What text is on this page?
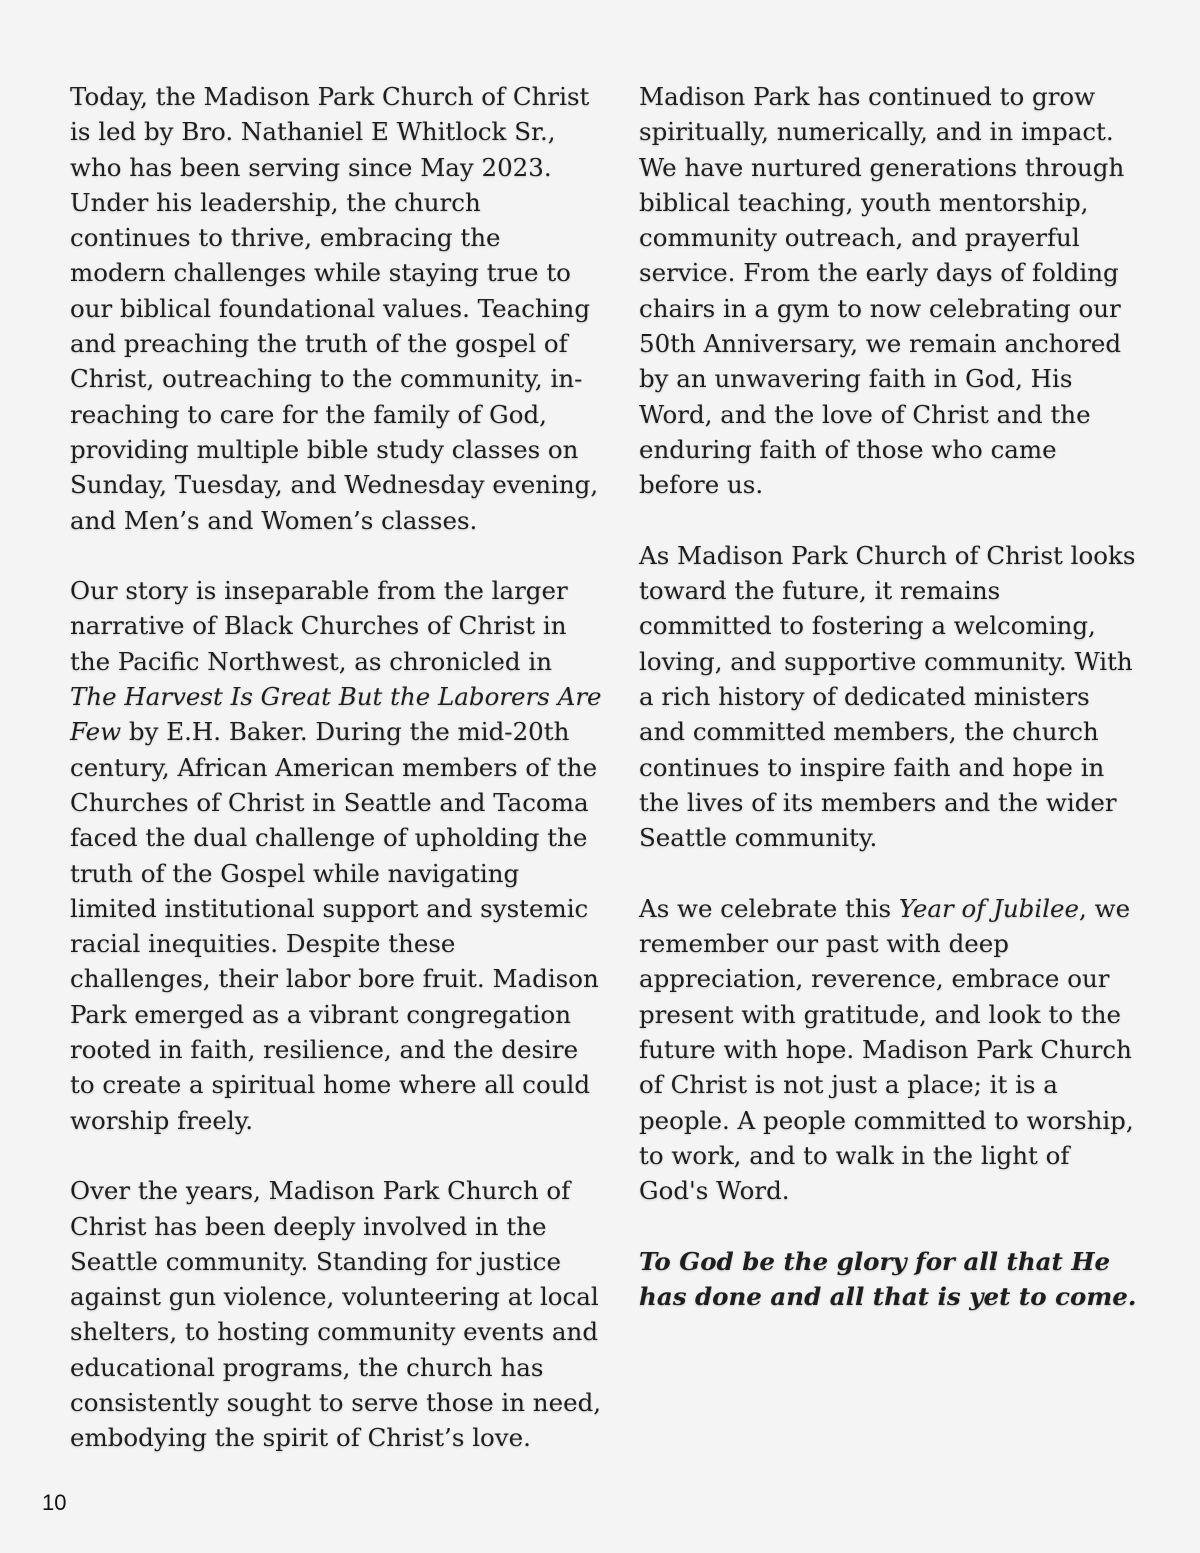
Today, the Madison Park Church of Christ is led by Bro. Nathaniel E Whitlock Sr., who has been serving since May 2023. Under his leadership, the church continues to thrive, embracing the modern challenges while staying true to our biblical foundational values. Teaching and preaching the truth of the gospel of Christ, outreaching to the community, in-reaching to care for the family of God, providing multiple bible study classes on Sunday, Tuesday, and Wednesday evening, and Men’s and Women’s classes.

Our story is inseparable from the larger narrative of Black Churches of Christ in the Pacific Northwest, as chronicled in The Harvest Is Great But the Laborers Are Few by E.H. Baker. During the mid-20th century, African American members of the Churches of Christ in Seattle and Tacoma faced the dual challenge of upholding the truth of the Gospel while navigating limited institutional support and systemic racial inequities. Despite these challenges, their labor bore fruit. Madison Park emerged as a vibrant congregation rooted in faith, resilience, and the desire to create a spiritual home where all could worship freely.

Over the years, Madison Park Church of Christ has been deeply involved in the Seattle community. Standing for justice against gun violence, volunteering at local shelters, to hosting community events and educational programs, the church has consistently sought to serve those in need, embodying the spirit of Christ’s love.

Madison Park has continued to grow spiritually, numerically, and in impact. We have nurtured generations through biblical teaching, youth mentorship, community outreach, and prayerful service. From the early days of folding chairs in a gym to now celebrating our 50th Anniversary, we remain anchored by an unwavering faith in God, His Word, and the love of Christ and the enduring faith of those who came before us.

As Madison Park Church of Christ looks toward the future, it remains committed to fostering a welcoming, loving, and supportive community. With a rich history of dedicated ministers and committed members, the church continues to inspire faith and hope in the lives of its members and the wider Seattle community.

As we celebrate this Year of Jubilee, we remember our past with deep appreciation, reverence, embrace our present with gratitude, and look to the future with hope. Madison Park Church of Christ is not just a place; it is a people. A people committed to worship, to work, and to walk in the light of God's Word.

To God be the glory for all that He has done and all that is yet to come.

10
